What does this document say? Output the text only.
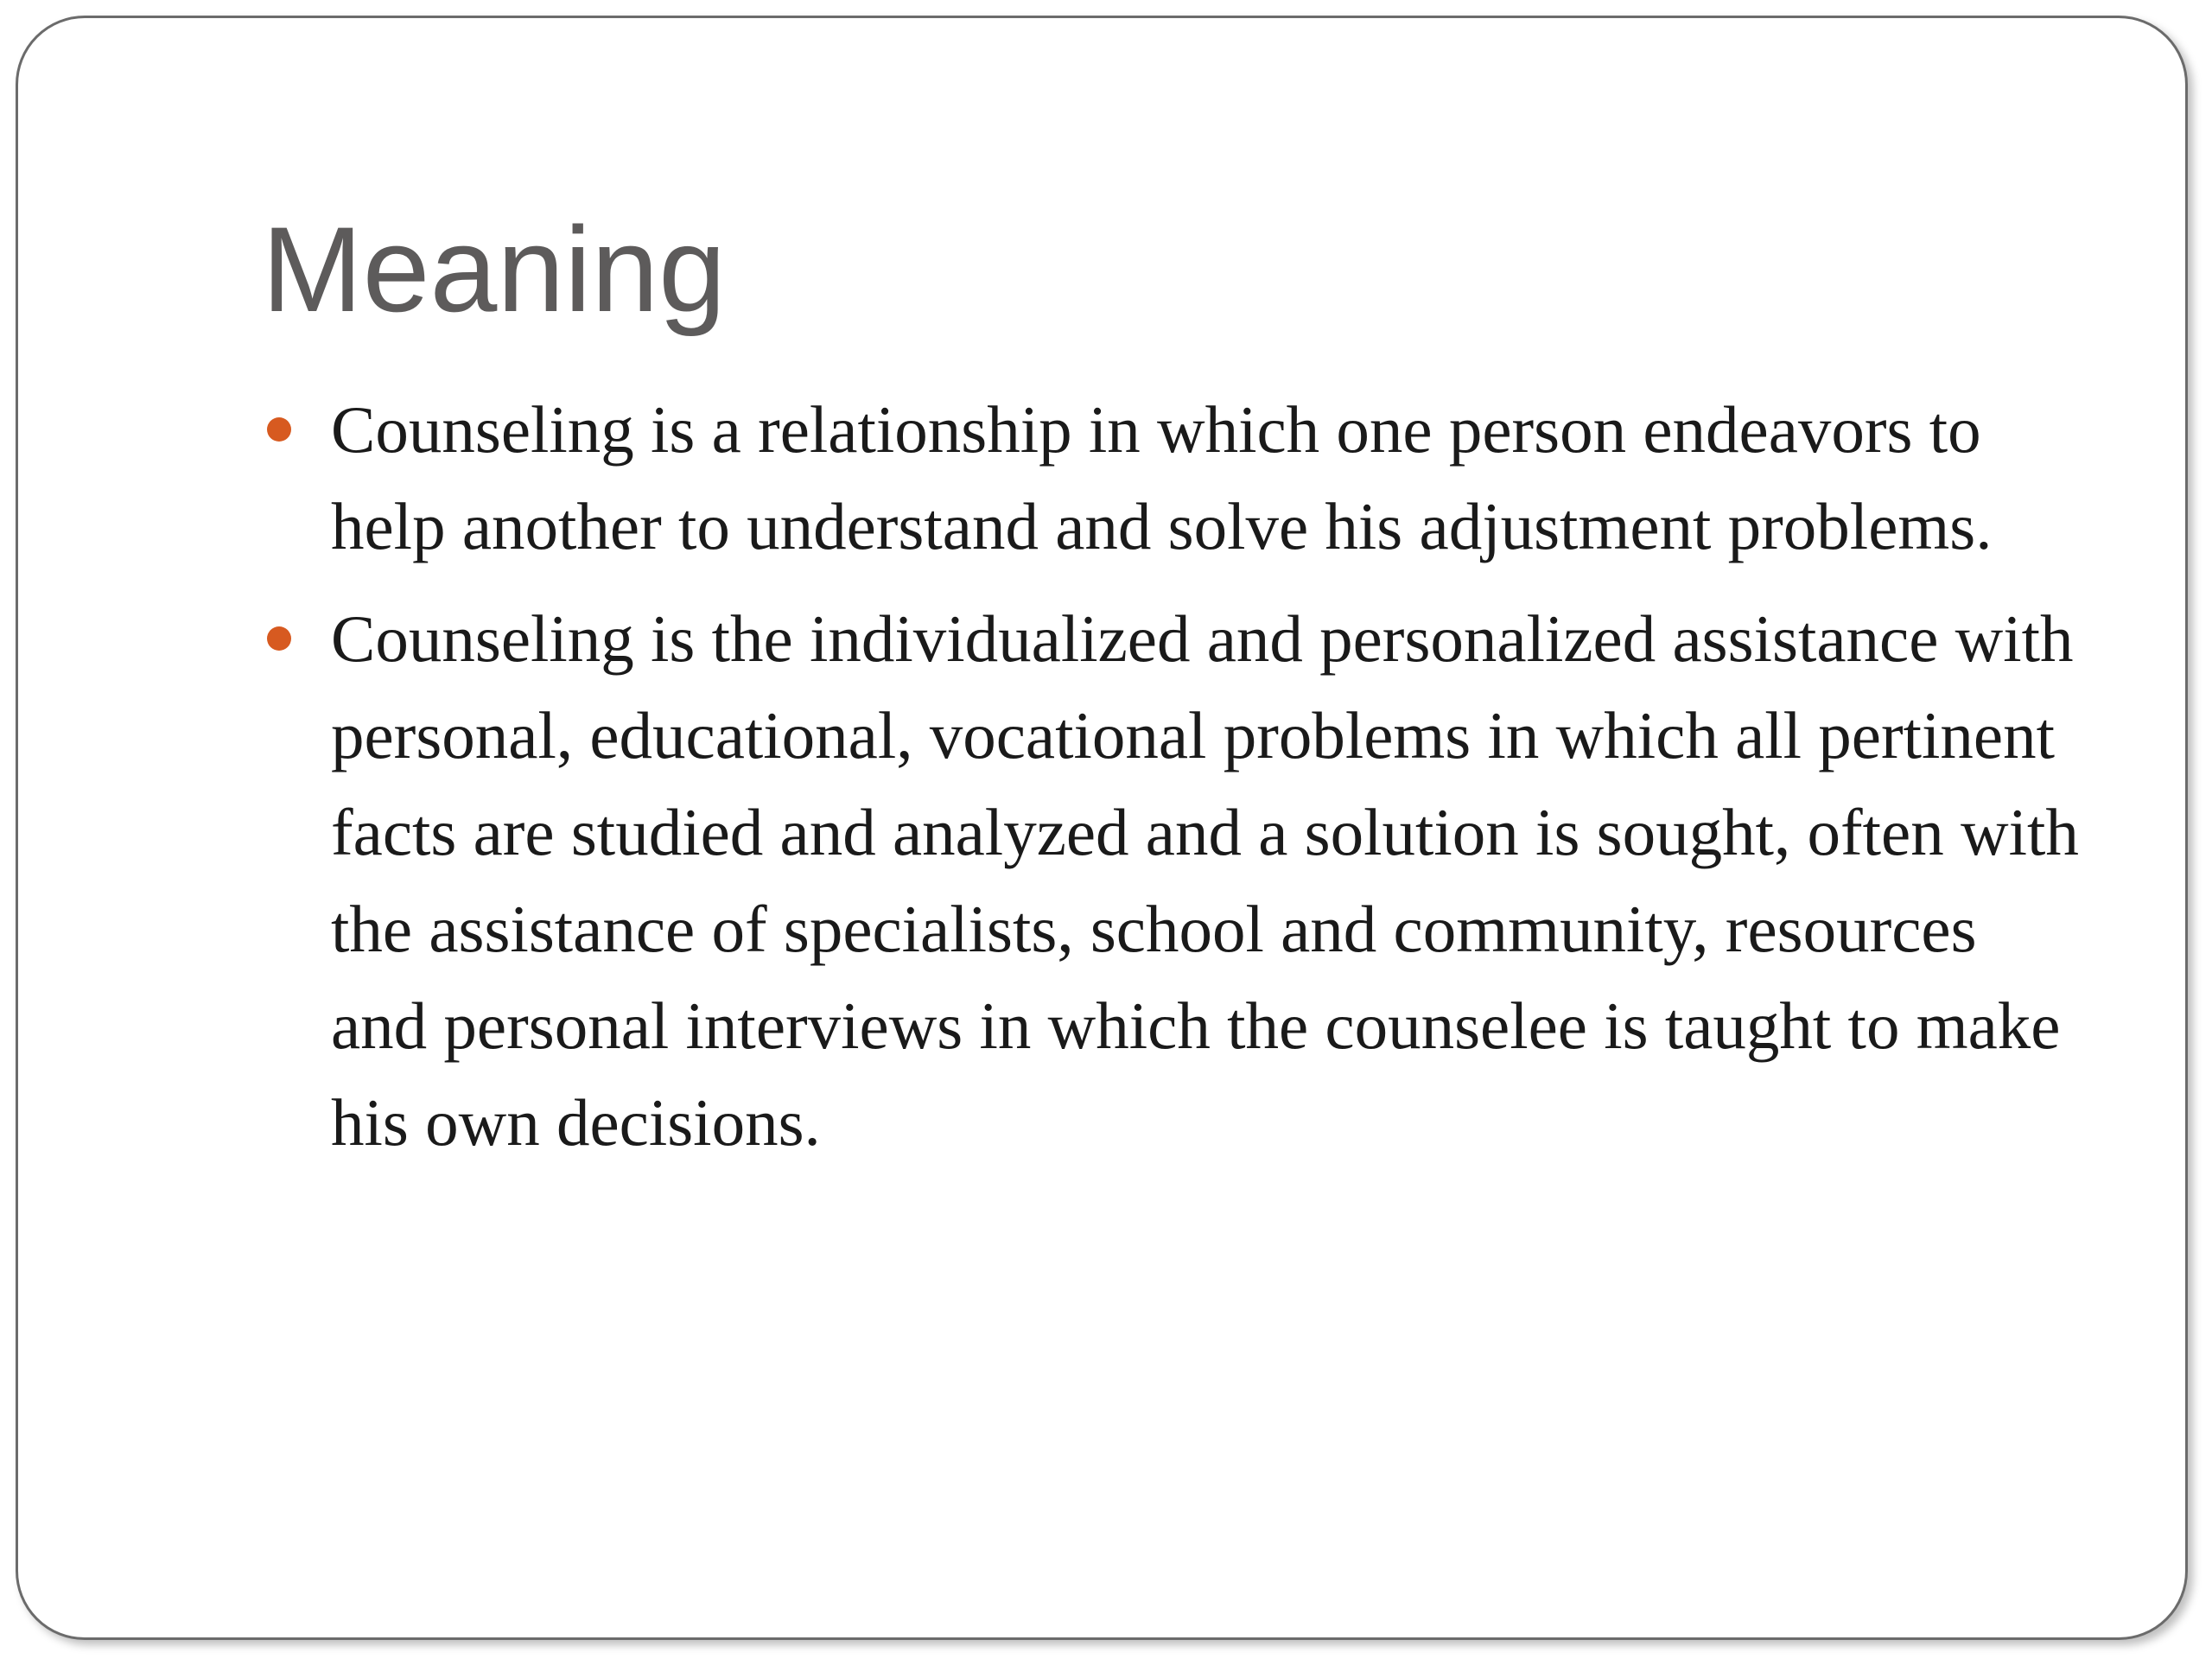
Meaning
Counseling is a relationship in which one person endeavors to help another to understand and solve his adjustment problems.
Counseling is the individualized and personalized assistance with personal, educational, vocational problems in which all pertinent facts are studied and analyzed and a solution is sought, often with the assistance of specialists, school and community, resources and personal interviews in which the counselee is taught to make his own decisions.
